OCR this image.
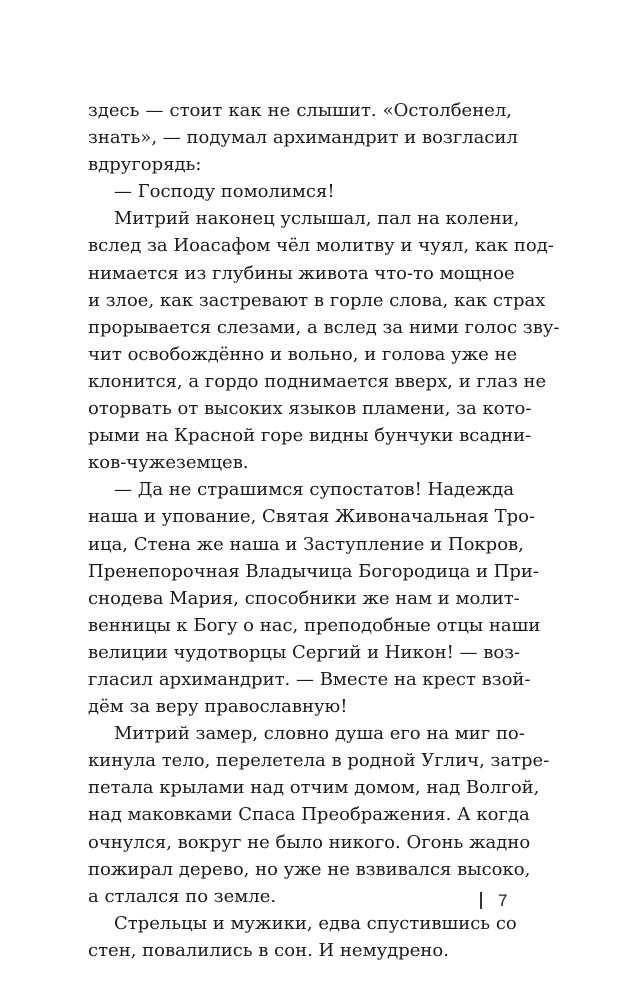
здесь — стоит как не слышит. «Остолбенел,
знать», — подумал архимандрит и возгласил
вдругорядь:
— Господу помолимся!
Митрий наконец услышал, пал на колени,
вслед за Иоасафом чёл молитву и чуял, как под-
нимается из глубины живота что-то мощное
и злое, как застревают в горле слова, как страх
прорывается слезами, а вслед за ними голос зву-
чит освобождённо и вольно, и голова уже не
клонится, а гордо поднимается вверх, и глаз не
оторвать от высоких языков пламени, за кото-
рыми на Красной горе видны бунчуки всадни-
ков-чужеземцев.
— Да не страшимся супостатов! Надежда
наша и упование, Святая Живоначальная Тро-
ица, Стена же наша и Заступление и Покров,
Пренепорочная Владычица Богородица и При-
снодева Мария, способники же нам и молит-
венницы к Богу о нас, преподобные отцы наши
велиции чудотворцы Сергий и Никон! — воз-
гласил архимандрит. — Вместе на крест взой-
дём за веру православную!
Митрий замер, словно душа его на миг по-
кинула тело, перелетела в родной Углич, затре-
петала крылами над отчим домом, над Волгой,
над маковками Спаса Преображения. А когда
очнулся, вокруг не было никого. Огонь жадно
пожирал дерево, но уже не взвивался высоко,
а стлался по земле.
Стрельцы и мужики, едва спустившись со
стен, повалились в сон. И немудрено.
7
